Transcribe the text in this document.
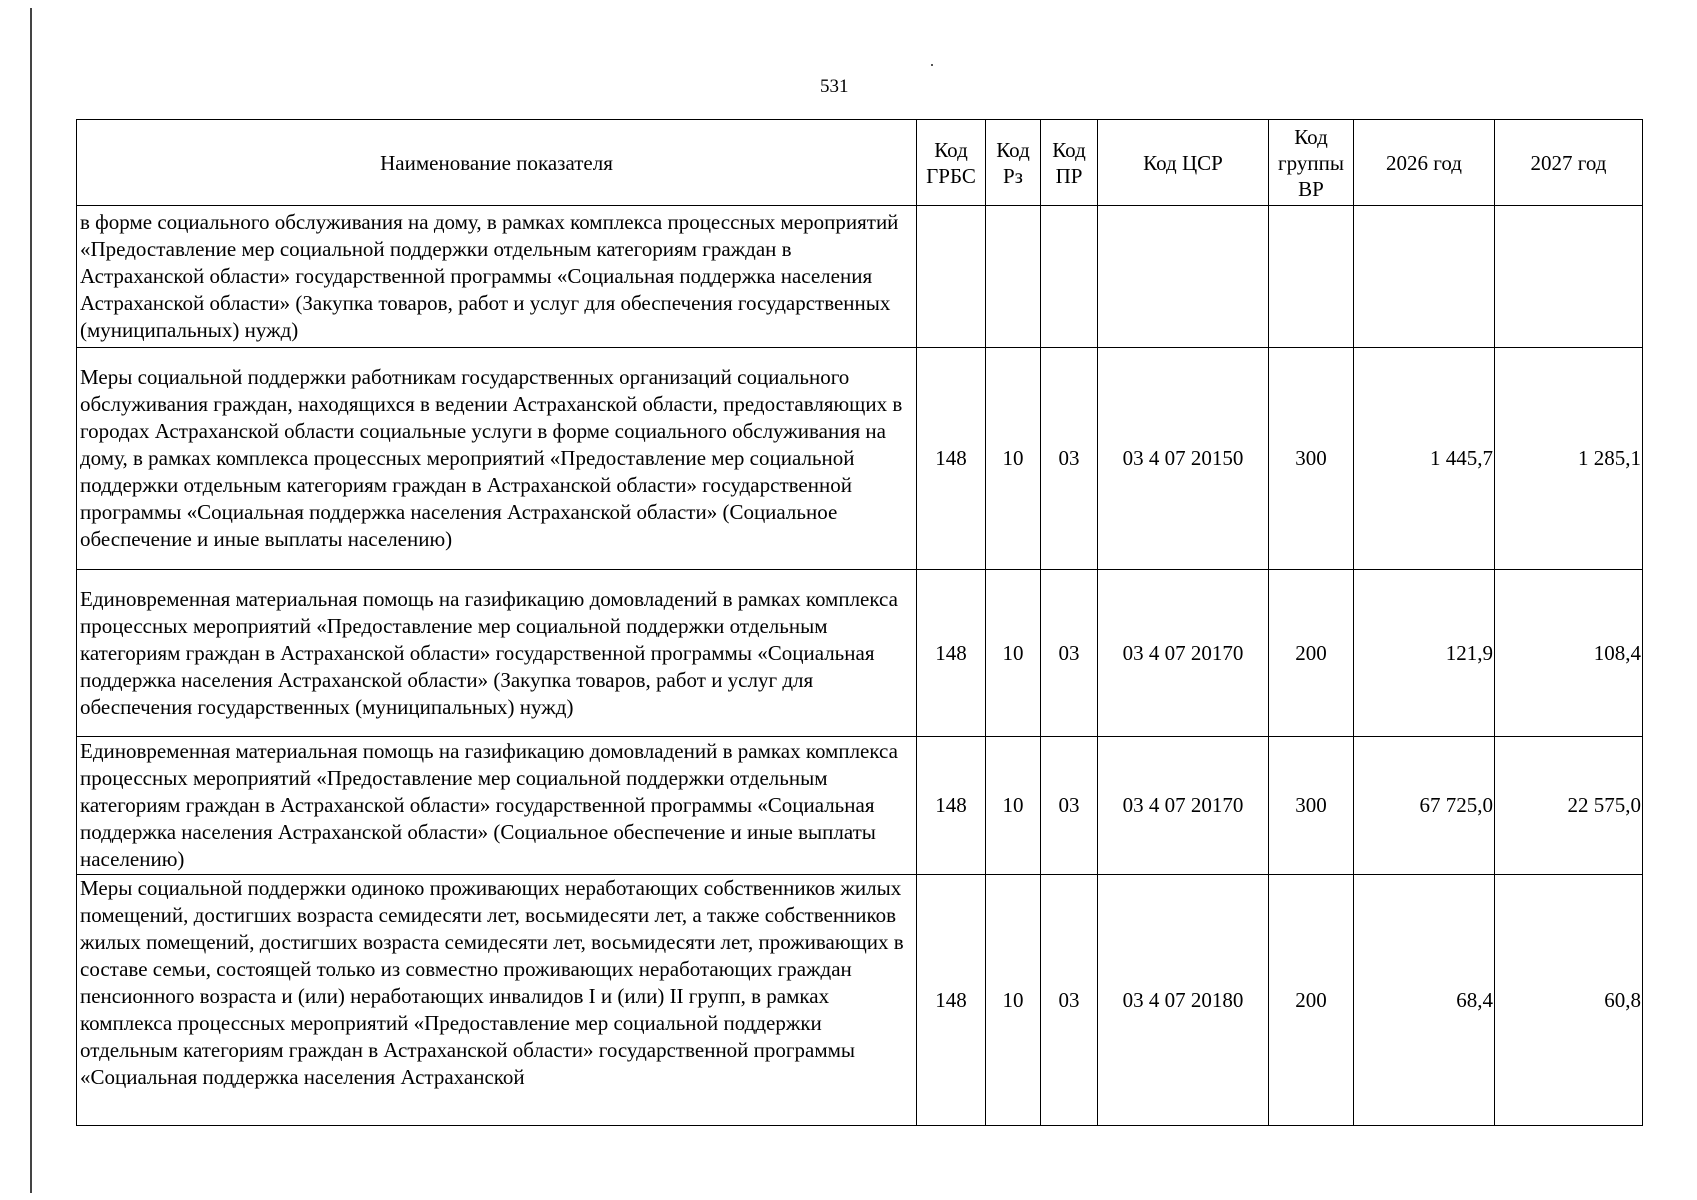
531
Наименование показателя	Код ГРБС	Код Рз	Код ПР	Код ЦСР	Код группы ВР	2026 год	2027 год
в форме социального обслуживания на дому, в рамках комплекса процессных мероприятий «Предоставление мер социальной поддержки отдельным категориям граждан в Астраханской области» государственной программы «Социальная поддержка населения Астраханской области» (Закупка товаров, работ и услуг для обеспечения государственных (муниципальных) нужд)							
Меры социальной поддержки работникам государственных организаций социального обслуживания граждан, находящихся в ведении Астраханской области, предоставляющих в городах Астраханской области социальные услуги в форме социального обслуживания на дому, в рамках комплекса процессных мероприятий «Предоставление мер социальной поддержки отдельным категориям граждан в Астраханской области» государственной программы «Социальная поддержка населения Астраханской области» (Социальное обеспечение и иные выплаты населению)	148	10	03	03 4 07 20150	300	1 445,7	1 285,1
Единовременная материальная помощь на газификацию домовладений в рамках комплекса процессных мероприятий «Предоставление мер социальной поддержки отдельным категориям граждан в Астраханской области» государственной программы «Социальная поддержка населения Астраханской области» (Закупка товаров, работ и услуг для обеспечения государственных (муниципальных) нужд)	148	10	03	03 4 07 20170	200	121,9	108,4
Единовременная материальная помощь на газификацию домовладений в рамках комплекса процессных мероприятий «Предоставление мер социальной поддержки отдельным категориям граждан в Астраханской области» государственной программы «Социальная поддержка населения Астраханской области» (Социальное обеспечение и иные выплаты населению)	148	10	03	03 4 07 20170	300	67 725,0	22 575,0
Меры социальной поддержки одиноко проживающих неработающих собственников жилых помещений, достигших возраста семидесяти лет, восьмидесяти лет, а также собственников жилых помещений, достигших возраста семидесяти лет, восьмидесяти лет, проживающих в составе семьи, состоящей только из совместно проживающих неработающих граждан пенсионного возраста и (или) неработающих инвалидов I и (или) II групп, в рамках комплекса процессных мероприятий «Предоставление мер социальной поддержки отдельным категориям граждан в Астраханской области» государственной программы «Социальная поддержка населения Астраханской	148	10	03	03 4 07 20180	200	68,4	60,8
